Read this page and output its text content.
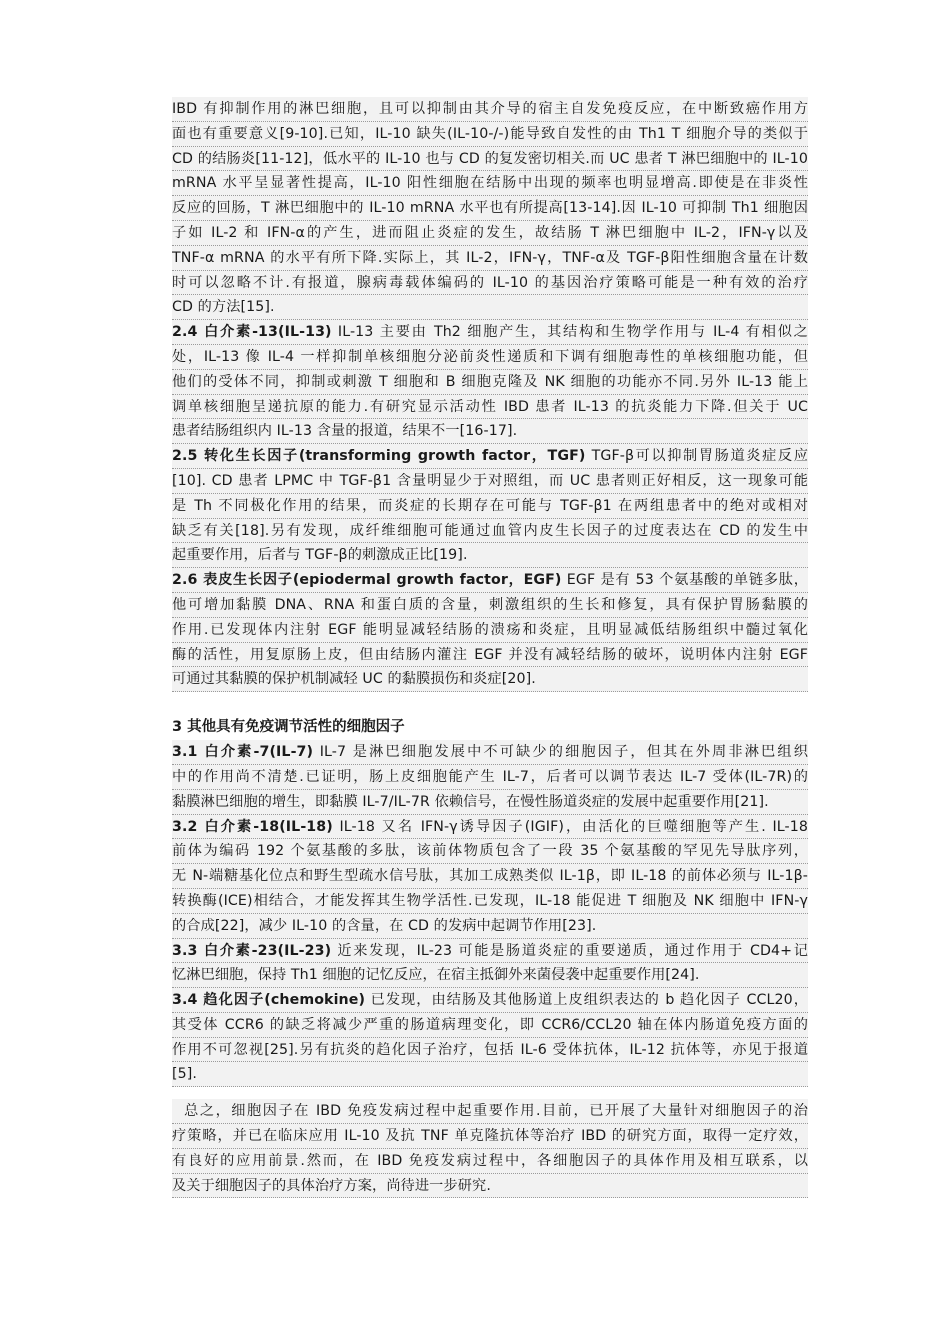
IBD 有抑制作用的淋巴细胞，且可以抑制由其介导的宿主自发免疫反应，在中断致癌作用方
面也有重要意义[9-10].已知，IL-10 缺失(IL-10-/-)能导致自发性的由 Th1 T 细胞介导的类似于
CD 的结肠炎[11-12]，低水平的 IL-10 也与 CD 的复发密切相关.而 UC 患者 T 淋巴细胞中的 IL-10
mRNA 水平呈显著性提高，IL-10 阳性细胞在结肠中出现的频率也明显增高.即使是在非炎性
反应的回肠，T 淋巴细胞中的 IL-10 mRNA 水平也有所提高[13-14].因 IL-10 可抑制 Th1 细胞因
子如 IL-2 和 IFN-α的产生，进而阻止炎症的发生，故结肠 T 淋巴细胞中 IL-2，IFN-γ以及
TNF-α mRNA 的水平有所下降.实际上，其 IL-2，IFN-γ，TNF-α及 TGF-β阳性细胞含量在计数
时可以忽略不计.有报道，腺病毒载体编码的 IL-10 的基因治疗策略可能是一种有效的治疗
CD 的方法[15].
2.4 白介素-13(IL-13) IL-13 主要由 Th2 细胞产生，其结构和生物学作用与 IL-4 有相似之
处，IL-13 像 IL-4 一样抑制单核细胞分泌前炎性递质和下调有细胞毒性的单核细胞功能，但
他们的受体不同，抑制或刺激 T 细胞和 B 细胞克隆及 NK 细胞的功能亦不同.另外 IL-13 能上
调单核细胞呈递抗原的能力.有研究显示活动性 IBD 患者 IL-13 的抗炎能力下降.但关于 UC
患者结肠组织内 IL-13 含量的报道，结果不一[16-17].
2.5 转化生长因子(transforming growth factor，TGF) TGF-β可以抑制胃肠道炎症反应
[10]. CD 患者 LPMC 中 TGF-β1 含量明显少于对照组，而 UC 患者则正好相反，这一现象可能
是 Th 不同极化作用的结果，而炎症的长期存在可能与 TGF-β1 在两组患者中的绝对或相对
缺乏有关[18].另有发现，成纤维细胞可能通过血管内皮生长因子的过度表达在 CD 的发生中
起重要作用，后者与 TGF-β的刺激成正比[19].
2.6 表皮生长因子(epiodermal growth factor，EGF) EGF 是有 53 个氨基酸的单链多肽，
他可增加黏膜 DNA、RNA 和蛋白质的含量，刺激组织的生长和修复，具有保护胃肠黏膜的
作用.已发现体内注射 EGF 能明显减轻结肠的溃疡和炎症，且明显减低结肠组织中髓过氧化
酶的活性，用复原肠上皮，但由结肠内灌注 EGF 并没有减轻结肠的破坏，说明体内注射 EGF
可通过其黏膜的保护机制减轻 UC 的黏膜损伤和炎症[20].
3 其他具有免疫调节活性的细胞因子
3.1 白介素-7(IL-7) IL-7 是淋巴细胞发展中不可缺少的细胞因子，但其在外周非淋巴组织
中的作用尚不清楚.已证明，肠上皮细胞能产生 IL-7，后者可以调节表达 IL-7 受体(IL-7R)的
黏膜淋巴细胞的增生，即黏膜 IL-7/IL-7R 依赖信号，在慢性肠道炎症的发展中起重要作用[21].
3.2 白介素-18(IL-18) IL-18 又名 IFN-γ诱导因子(IGIF)，由活化的巨噬细胞等产生. IL-18
前体为编码 192 个氨基酸的多肽，该前体物质包含了一段 35 个氨基酸的罕见先导肽序列，
无 N-端糖基化位点和野生型疏水信号肽，其加工成熟类似 IL-1β，即 IL-18 的前体必须与 IL-1β-
转换酶(ICE)相结合，才能发挥其生物学活性.已发现，IL-18 能促进 T 细胞及 NK 细胞中 IFN-γ
的合成[22]，减少 IL-10 的含量，在 CD 的发病中起调节作用[23].
3.3 白介素-23(IL-23) 近来发现，IL-23 可能是肠道炎症的重要递质，通过作用于 CD4+记
忆淋巴细胞，保持 Th1 细胞的记忆反应，在宿主抵御外来菌侵袭中起重要作用[24].
3.4 趋化因子(chemokine) 已发现，由结肠及其他肠道上皮组织表达的 b 趋化因子 CCL20，
其受体 CCR6 的缺乏将减少严重的肠道病理变化，即 CCR6/CCL20 轴在体内肠道免疫方面的
作用不可忽视[25].另有抗炎的趋化因子治疗，包括 IL-6 受体抗体，IL-12 抗体等，亦见于报道
[5].
总之，细胞因子在 IBD 免疫发病过程中起重要作用.目前，已开展了大量针对细胞因子的治
疗策略，并已在临床应用 IL-10 及抗 TNF 单克隆抗体等治疗 IBD 的研究方面，取得一定疗效，
有良好的应用前景.然而，在 IBD 免疫发病过程中，各细胞因子的具体作用及相互联系，以
及关于细胞因子的具体治疗方案，尚待进一步研究.
